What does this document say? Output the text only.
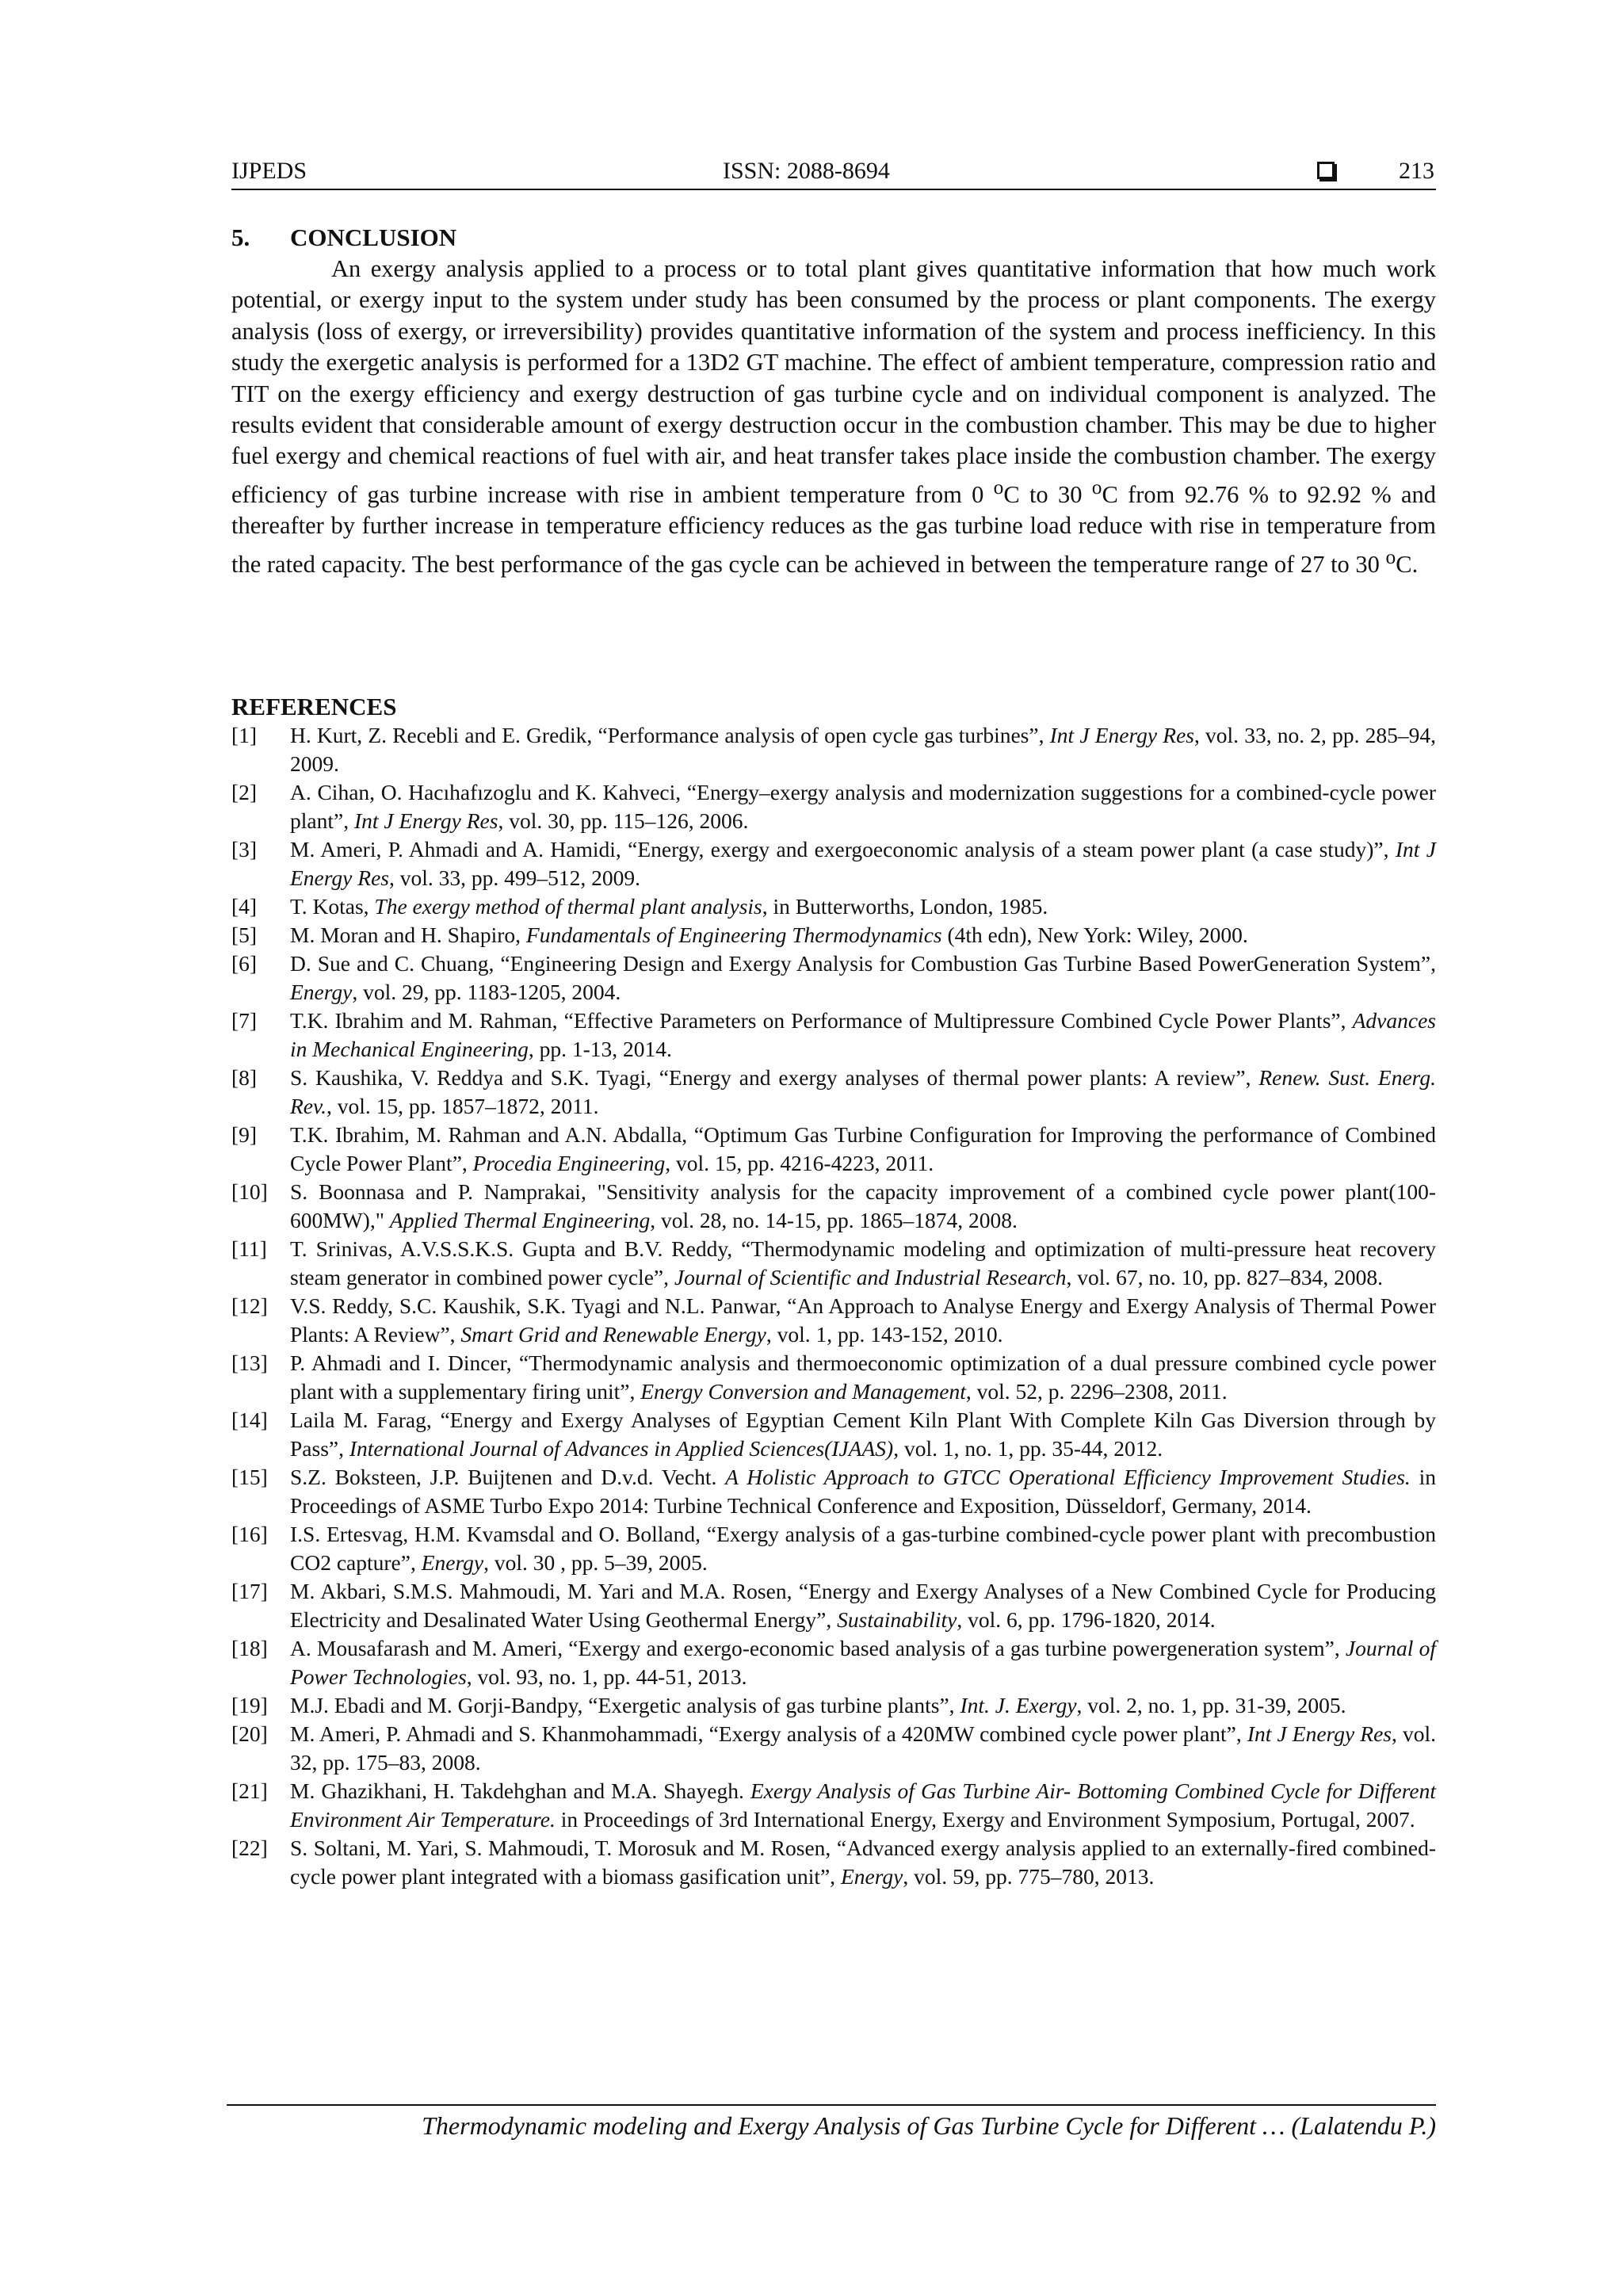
IJPEDS	ISSN: 2088-8694	213
5. CONCLUSION
An exergy analysis applied to a process or to total plant gives quantitative information that how much work potential, or exergy input to the system under study has been consumed by the process or plant components. The exergy analysis (loss of exergy, or irreversibility) provides quantitative information of the system and process inefficiency. In this study the exergetic analysis is performed for a 13D2 GT machine. The effect of ambient temperature, compression ratio and TIT on the exergy efficiency and exergy destruction of gas turbine cycle and on individual component is analyzed. The results evident that considerable amount of exergy destruction occur in the combustion chamber. This may be due to higher fuel exergy and chemical reactions of fuel with air, and heat transfer takes place inside the combustion chamber. The exergy efficiency of gas turbine increase with rise in ambient temperature from 0 $^o$C to 30 $^o$C from 92.76 % to 92.92 % and thereafter by further increase in temperature efficiency reduces as the gas turbine load reduce with rise in temperature from the rated capacity. The best performance of the gas cycle can be achieved in between the temperature range of 27 to 30 $^o$C.
REFERENCES
[1] H. Kurt, Z. Recebli and E. Gredik, “Performance analysis of open cycle gas turbines”, Int J Energy Res, vol. 33, no. 2, pp. 285–94, 2009.
[2] A. Cihan, O. Hacıhafızoglu and K. Kahveci, “Energy–exergy analysis and modernization suggestions for a combined-cycle power plant”, Int J Energy Res, vol. 30, pp. 115–126, 2006.
[3] M. Ameri, P. Ahmadi and A. Hamidi, “Energy, exergy and exergoeconomic analysis of a steam power plant (a case study)”, Int J Energy Res, vol. 33, pp. 499–512, 2009.
[4] T. Kotas, The exergy method of thermal plant analysis, in Butterworths, London, 1985.
[5] M. Moran and H. Shapiro, Fundamentals of Engineering Thermodynamics (4th edn), New York: Wiley, 2000.
[6] D. Sue and C. Chuang, “Engineering Design and Exergy Analysis for Combustion Gas Turbine Based PowerGeneration System”, Energy, vol. 29, pp. 1183-1205, 2004.
[7] T.K. Ibrahim and M. Rahman, “Effective Parameters on Performance of Multipressure Combined Cycle Power Plants”, Advances in Mechanical Engineering, pp. 1-13, 2014.
[8] S. Kaushika, V. Reddya and S.K. Tyagi, “Energy and exergy analyses of thermal power plants: A review”, Renew. Sust. Energ. Rev., vol. 15, pp. 1857–1872, 2011.
[9] T.K. Ibrahim, M. Rahman and A.N. Abdalla, “Optimum Gas Turbine Configuration for Improving the performance of Combined Cycle Power Plant”, Procedia Engineering, vol. 15, pp. 4216-4223, 2011.
[10] S. Boonnasa and P. Namprakai, "Sensitivity analysis for the capacity improvement of a combined cycle power plant(100-600MW)," Applied Thermal Engineering, vol. 28, no. 14-15, pp. 1865–1874, 2008.
[11] T. Srinivas, A.V.S.S.K.S. Gupta and B.V. Reddy, “Thermodynamic modeling and optimization of multi-pressure heat recovery steam generator in combined power cycle”, Journal of Scientific and Industrial Research, vol. 67, no. 10, pp. 827–834, 2008.
[12] V.S. Reddy, S.C. Kaushik, S.K. Tyagi and N.L. Panwar, “An Approach to Analyse Energy and Exergy Analysis of Thermal Power Plants: A Review”, Smart Grid and Renewable Energy, vol. 1, pp. 143-152, 2010.
[13] P. Ahmadi and I. Dincer, “Thermodynamic analysis and thermoeconomic optimization of a dual pressure combined cycle power plant with a supplementary firing unit”, Energy Conversion and Management, vol. 52, p. 2296–2308, 2011.
[14] Laila M. Farag, “Energy and Exergy Analyses of Egyptian Cement Kiln Plant With Complete Kiln Gas Diversion through by Pass”, International Journal of Advances in Applied Sciences(IJAAS), vol. 1, no. 1, pp. 35-44, 2012.
[15] S.Z. Boksteen, J.P. Buijtenen and D.v.d. Vecht. A Holistic Approach to GTCC Operational Efficiency Improvement Studies. in Proceedings of ASME Turbo Expo 2014: Turbine Technical Conference and Exposition, Düsseldorf, Germany, 2014.
[16] I.S. Ertesvag, H.M. Kvamsdal and O. Bolland, “Exergy analysis of a gas-turbine combined-cycle power plant with precombustion CO2 capture”, Energy, vol. 30 , pp. 5–39, 2005.
[17] M. Akbari, S.M.S. Mahmoudi, M. Yari and M.A. Rosen, “Energy and Exergy Analyses of a New Combined Cycle for Producing Electricity and Desalinated Water Using Geothermal Energy”, Sustainability, vol. 6, pp. 1796-1820, 2014.
[18] A. Mousafarash and M. Ameri, “Exergy and exergo-economic based analysis of a gas turbine powergeneration system”, Journal of Power Technologies, vol. 93, no. 1, pp. 44-51, 2013.
[19] M.J. Ebadi and M. Gorji-Bandpy, “Exergetic analysis of gas turbine plants”, Int. J. Exergy, vol. 2, no. 1, pp. 31-39, 2005.
[20] M. Ameri, P. Ahmadi and S. Khanmohammadi, “Exergy analysis of a 420MW combined cycle power plant”, Int J Energy Res, vol. 32, pp. 175–83, 2008.
[21] M. Ghazikhani, H. Takdehghan and M.A. Shayegh. Exergy Analysis of Gas Turbine Air- Bottoming Combined Cycle for Different Environment Air Temperature. in Proceedings of 3rd International Energy, Exergy and Environment Symposium, Portugal, 2007.
[22] S. Soltani, M. Yari, S. Mahmoudi, T. Morosuk and M. Rosen, “Advanced exergy analysis applied to an externally-fired combined-cycle power plant integrated with a biomass gasification unit”, Energy, vol. 59, pp. 775–780, 2013.
Thermodynamic modeling and Exergy Analysis of Gas Turbine Cycle for Different … (Lalatendu P.)
